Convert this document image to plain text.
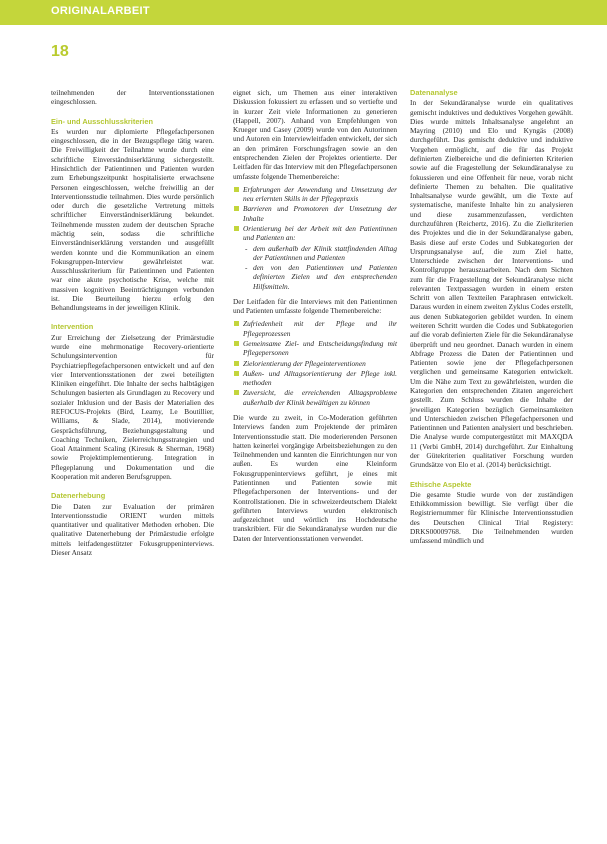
ORIGINALARBEIT
18

teilnehmenden der Interventionsstationen eingeschlossen.

Ein- und Ausschlusskriterien

Es wurden nur diplomierte Pflegefachpersonen eingeschlossen, die in der Bezugspflege tätig waren. Die Freiwilligkeit der Teilnahme wurde durch eine schriftliche Einverständniserklärung sichergestellt. Hinsichtlich der Patientinnen und Patienten wurden zum Erhebungszeitpunkt hospitalisierte erwachsene Personen eingeschlossen, welche freiwillig an der Interventionsstudie teilnahmen. Dies wurde persönlich oder durch die gesetzliche Vertretung mittels schriftlicher Einverständniserklärung bekundet. Teilnehmende mussten zudem der deutschen Sprache mächtig sein, sodass die schriftliche Einverständniserklärung verstanden und ausgefüllt werden konnte und die Kommunikation an einem Fokusgruppen-Interview gewährleistet war. Ausschlusskriterium für Patientinnen und Patienten war eine akute psychotische Krise, welche mit massiven kognitiven Beeinträchtigungen verbunden ist. Die Beurteilung hierzu erfolg den Behandlungsteams in der jeweiligen Klinik.

Intervention

Zur Erreichung der Zielsetzung der Primärstudie wurde eine mehrmonatige Recovery-orientierte Schulungsintervention für Psychiatriepflegefachpersonen entwickelt und auf den vier Interventionsstationen der zwei beteiligten Kliniken eingeführt. Die Inhalte der sechs halbtägigen Schulungen basierten als Grundlagen zu Recovery und sozialer Inklusion und der Basis der Materialien des REFOCUS-Projekts (Bird, Leamy, Le Boutillier, Williams, & Slade, 2014), motivierende Gesprächsführung, Beziehungsgestaltung und Coaching Techniken, Zielerreichungsstrategien und Goal Attainment Scaling (Kiresuk & Sherman, 1968) sowie Projektimplementierung. Integration in Pflegeplanung und Dokumentation und die Kooperation mit anderen Berufsgruppen.

Datenerhebung

Die Daten zur Evaluation der primären Interventionsstudie ORIENT wurden mittels quantitativer und qualitativer Methoden erhoben. Die qualitative Datenerhebung der Primärstudie erfolgte mittels leitfadengestützter Fokusgruppeninterviews. Dieser Ansatz

eignet sich, um Themen aus einer interaktiven Diskussion fokussiert zu erfassen und so vertiefte und in kurzer Zeit viele Informationen zu generieren (Happell, 2007). Anhand von Empfehlungen von Krueger und Casey (2009) wurde von den Autorinnen und Autoren ein Interviewleitfaden entwickelt, der sich an den primären Forschungsfragen sowie an den entsprechenden Zielen der Projektes orientierte. Der Leitfaden für das Interview mit den Pflegefachpersonen umfasste folgende Themenbereiche:

Erfahrungen der Anwendung und Umsetzung der neu erlernten Skills in der Pflegepraxis
Barrieren und Promotoren der Umsetzung der Inhalte
Orientierung bei der Arbeit mit den Patientinnen und Patienten an:
- dem außerhalb der Klinik stattfindenden Alltag der Patientinnen und Patienten
- den von den Patientinnen und Patienten definierten Zielen und den entsprechenden Hilfsmitteln.

Der Leitfaden für die Interviews mit den Patientinnen und Patienten umfasste folgende Themenbereiche:

Zufriedenheit mit der Pflege und ihr Pflegeprozessen
Gemeinsame Ziel- und Entscheidungsfindung mit Pflegepersonen
Zielorientierung der Pflegeinterventionen
Außen- und Alltagsorientierung der Pflege inkl. methoden
Zuversicht, die erreichenden Alltagsprobleme außerhalb der Klinik bewältigen zu können

Die wurde zu zweit, in Co-Moderation geführten Interviews fanden zum Projektende der primären Interventionsstudie statt. Die moderierenden Personen hatten keinerlei vorgängige Arbeitsbeziehungen zu den Teilnehmenden und kannten die Einrichtungen nur von außen. Es wurden eine Kleinform Fokusgruppeninterviews geführt, je eines mit Patientinnen und Patienten sowie mit Pflegefachpersonen der Interventions- und der Kontrollstationen. Die in schweizerdeutschem Dialekt geführten Interviews wurden elektronisch aufgezeichnet und wörtlich ins Hochdeutsche transkribiert. Für die Sekundäranalyse wurden nur die Daten der Interventionsstationen verwendet.

Datenanalyse

In der Sekundäranalyse wurde ein qualitatives gemischt induktives und deduktives Vorgehen gewählt. Dies wurde mittels Inhaltsanalyse angelehnt an Mayring (2010) und Elo und Kyngäs (2008) durchgeführt. Das gemischt deduktive und induktive Vorgehen ermöglicht, auf die für das Projekt definierten Zielbereiche und die definierten Kriterien sowie auf die Fragestellung der Sekundäranalyse zu fokussieren und eine Offenheit für neue, vorab nicht definierte Themen zu behalten. Die qualitative Inhaltsanalyse wurde gewählt, um die Texte auf systematische, manifeste Inhalte hin zu analysieren und diese zusammenzufassen, verdichten durchzuführen (Reichertz, 2016). Zu die Zielkriterien des Projektes und die in der Sekundäranalyse gaben, Basis diese auf erste Codes und Subkategorien der Ursprungsanalyse auf, die zum Ziel hatte, Unterschiede zwischen der Interventions- und Kontrollgruppe herauszuarbeiten. Nach dem Sichten zum für die Fragestellung der Sekundäranalyse nicht relevanten Textpassagen wurden in einem ersten Schritt von allen Textteilen Paraphrasen entwickelt. Daraus wurden in einem zweiten Zyklus Codes erstellt, aus denen Subkategorien gebildet wurden. In einem weiteren Schritt wurden die Codes und Subkategorien auf die vorab definierten Ziele für die Sekundäranalyse überprüft und neu geordnet. Danach wurden in einem Abfrage Prozess die Daten der Patientinnen und Patienten sowie jene der Pflegefachpersonen verglichen und gemeinsame Kategorien entwickelt. Um die Nähe zum Text zu gewährleisten, wurden die Kategorien den entsprechenden Zitaten angereichert gestellt. Zum Schluss wurden die Inhalte der jeweiligen Kategorien bezüglich Gemeinsamkeiten und Unterschieden zwischen Pflegefachpersonen und Patientinnen und Patienten analysiert und beschrieben. Die Analyse wurde computergestützt mit MAXQDA 11 (Verbi GmbH, 2014) durchgeführt. Zur Einhaltung der Gütekriterien qualitativer Forschung wurden Grundsätze von Elo et al. (2014) berücksichtigt.

Ethische Aspekte

Die gesamte Studie wurde von der zuständigen Ethikkommission bewilligt. Sie verfügt über die Registriernummer für Klinische Interventionsstudien des Deutschen Clinical Trial Registery: DRKS00009768. Die Teilnehmenden wurden umfassend mündlich und
